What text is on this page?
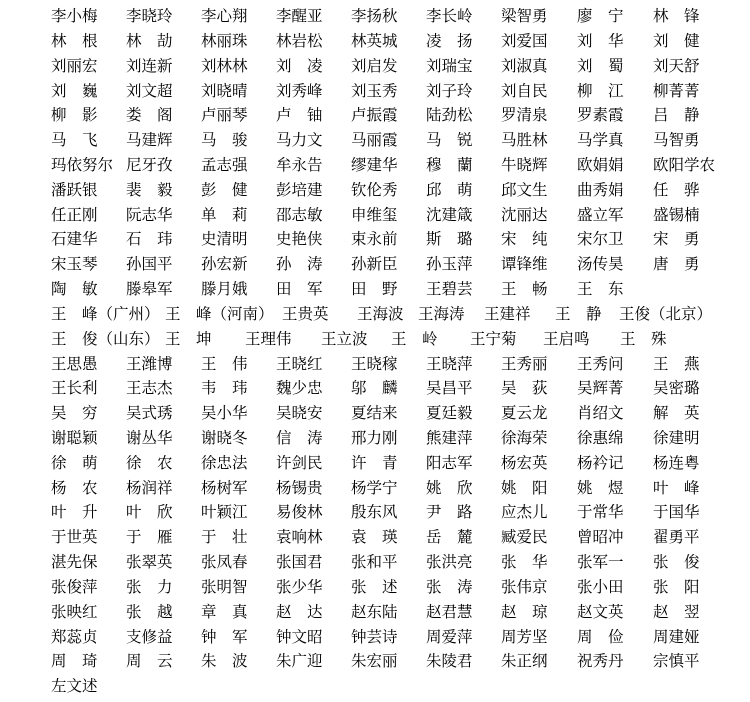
李小梅 李晓玲 李心翔 李醒亚 李扬秋 李长岭 梁智勇 廖　宁 林　锋
林　根 林　劼 林丽珠 林岩松 林英城 凌　扬 刘爱国 刘　华 刘　健
刘丽宏 刘连新 刘林林 刘　凌 刘启发 刘瑞宝 刘淑真 刘　蜀 刘天舒
刘　巍 刘文超 刘晓晴 刘秀峰 刘玉秀 刘子玲 刘自民 柳　江 柳菁菁
柳　影 娄　阁 卢丽琴 卢　铀 卢振霞 陆劲松 罗清泉 罗素霞 吕　静
马　飞 马建辉 马　骏 马力文 马丽霞 马　锐 马胜林 马学真 马智勇
玛依努尔 尼牙孜 孟志强 牟永告 缪建华 穆　蘭 牛晓辉 欧娟娟 欧阳学农
潘跃银 裴　毅 彭　健 彭培建 钦伦秀 邱　萌 邱文生 曲秀娟 任　骅
任正刚 阮志华 单　莉 邵志敏 申维玺 沈建箴 沈丽达 盛立军 盛锡楠
石建华 石　玮 史清明 史艳侠 束永前 斯　璐 宋　纯 宋尔卫 宋　勇
宋玉琴 孙国平 孙宏新 孙　涛 孙新臣 孙玉萍 谭锋维 汤传昊 唐　勇
陶　敏 滕皋军 滕月娥 田　军 田　野 王碧芸 王　畅 王　东
王　峰（广州） 王　峰（河南） 王贵英 王海波 王海涛 王建祥 王　静 王俊（北京）
王　俊（山东） 王　坤 王理伟 王立波 王　岭 王宁菊 王启鸣 王　殊
王思愚 王潍博 王　伟 王晓红 王晓稼 王晓萍 王秀丽 王秀问 王　燕
王长利 王志杰 韦　玮 魏少忠 邬　麟 吴昌平 吴　荻 吴辉菁 吴密璐
吴　穷 吴式琇 吴小华 吴晓安 夏结来 夏廷毅 夏云龙 肖绍文 解　英
谢聪颖 谢丛华 谢晓冬 信　涛 邢力刚 熊建萍 徐海荣 徐惠绵 徐建明
徐　萌 徐　农 徐忠法 许剑民 许　青 阳志军 杨宏英 杨衿记 杨连粤
杨　农 杨润祥 杨树军 杨锡贵 杨学宁 姚　欣 姚　阳 姚　煜 叶　峰
叶　升 叶　欣 叶颖江 易俊林 殷东风 尹　路 应杰儿 于常华 于国华
于世英 于　雁 于　壮 袁响林 袁　瑛 岳　麓 臧爱民 曾昭冲 翟勇平
湛先保 张翠英 张凤春 张国君 张和平 张洪亮 张　华 张军一 张　俊
张俊萍 张　力 张明智 张少华 张　述 张　涛 张伟京 张小田 张　阳
张映红 张　越 章　真 赵　达 赵东陆 赵君慧 赵　琼 赵文英 赵　翌
郑蕊贞 支修益 钟　军 钟文昭 钟芸诗 周爱萍 周芳坚 周　俭 周建娅
周　琦 周　云 朱　波 朱广迎 朱宏丽 朱陵君 朱正纲 祝秀丹 宗慎平
左文述
